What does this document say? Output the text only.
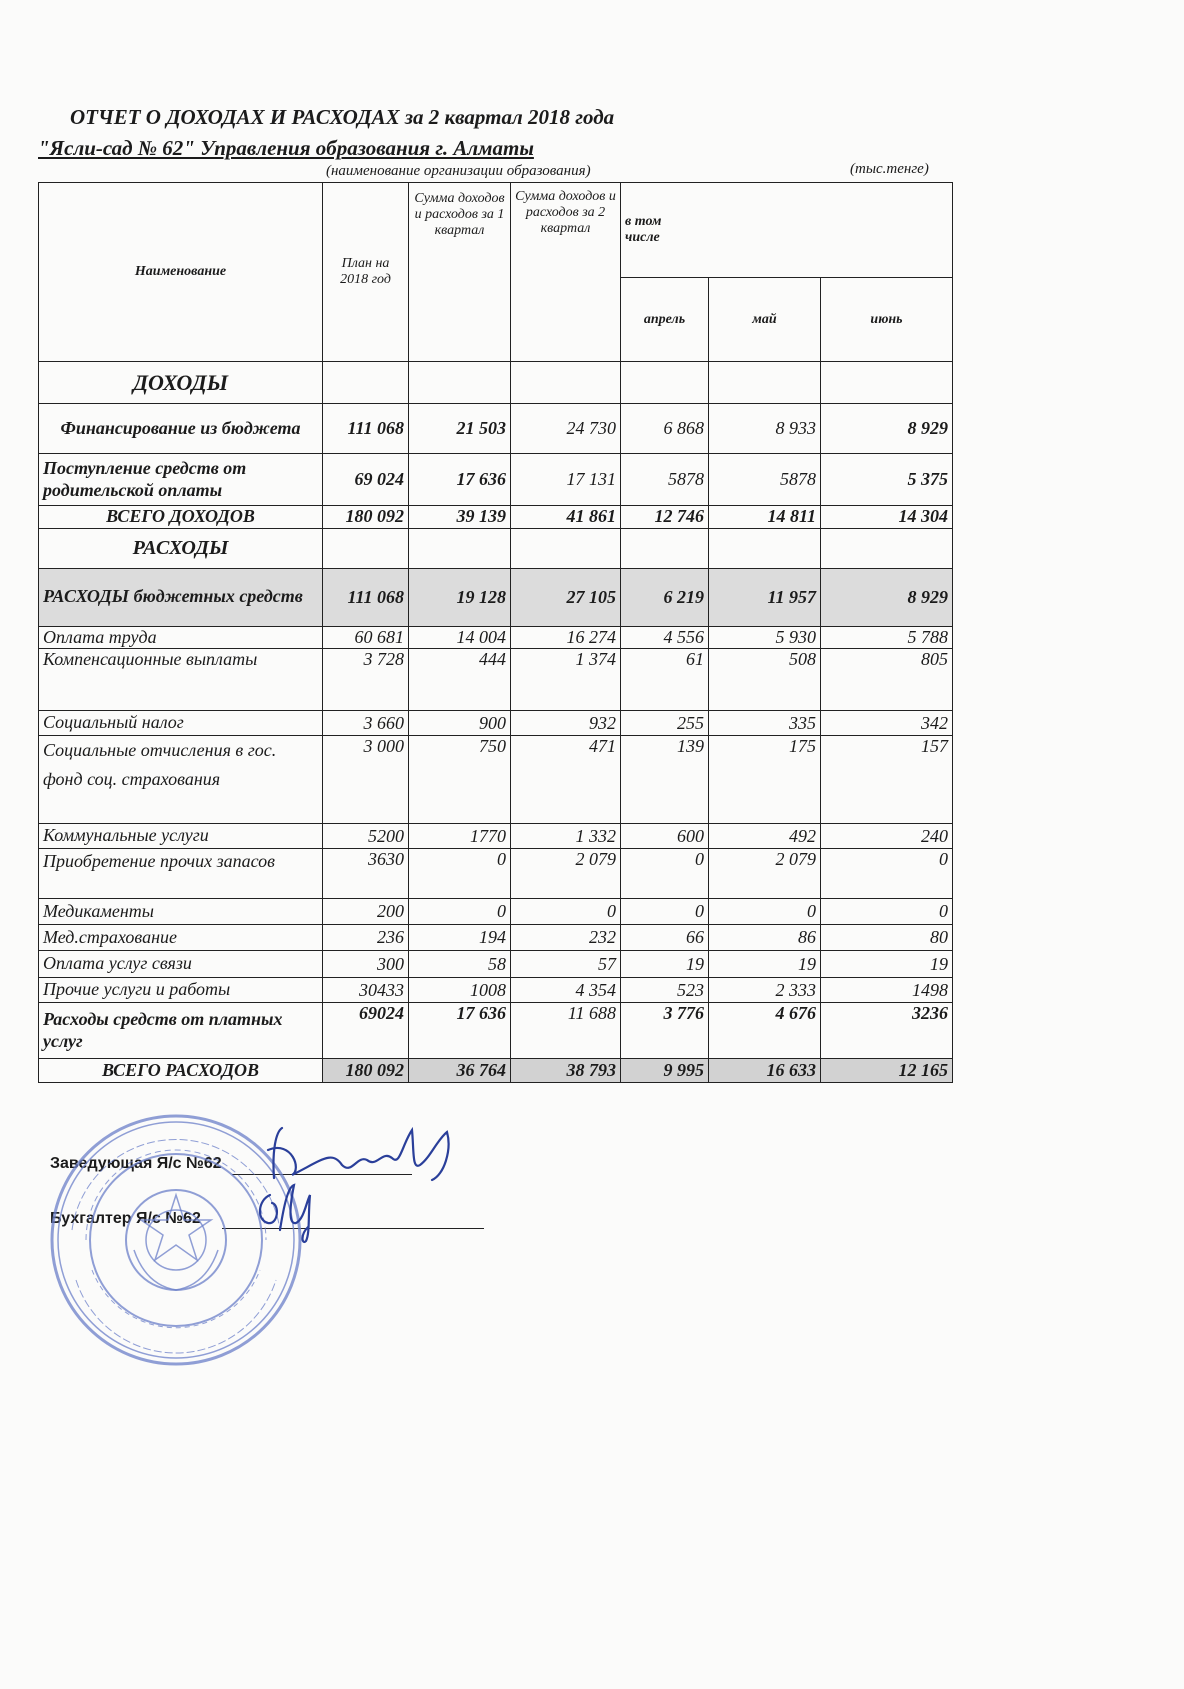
ОТЧЕТ О ДОХОДАХ И РАСХОДАХ за 2 квартал 2018 года
"Ясли-сад № 62" Управления образования г. Алматы
(наименование организации образования)	(тыс.тенге)
Наименование	План на 2018 год	Сумма доходов и расходов за 1 квартал	Сумма доходов и расходов за 2 квартал	в том числе		
				апрель	май	июнь
ДОХОДЫ						
Финансирование из бюджета	111 068	21 503	24 730	6 868	8 933	8 929
Поступление средств от родительской оплаты	69 024	17 636	17 131	5878	5878	5 375
ВСЕГО ДОХОДОВ	180 092	39 139	41 861	12 746	14 811	14 304
РАСХОДЫ						
РАСХОДЫ бюджетных средств	111 068	19 128	27 105	6 219	11 957	8 929
Оплата труда	60 681	14 004	16 274	4 556	5 930	5 788
Компенсационные выплаты	3 728	444	1 374	61	508	805
Социальный налог	3 660	900	932	255	335	342
Социальные отчисления в гос. фонд соц. страхования	3 000	750	471	139	175	157
Коммунальные услуги	5200	1770	1 332	600	492	240
Приобретение прочих запасов	3630	0	2 079	0	2 079	0
Медикаменты	200	0	0	0	0	0
Мед.страхование	236	194	232	66	86	80
Оплата услуг связи	300	58	57	19	19	19
Прочие услуги и работы	30433	1008	4 354	523	2 333	1498
Расходы средств от платных услуг	69024	17 636	11 688	3 776	4 676	3236
ВСЕГО РАСХОДОВ	180 092	36 764	38 793	9 995	16 633	12 165
Заведующая Я/с №62
Бухгалтер Я/с №62
